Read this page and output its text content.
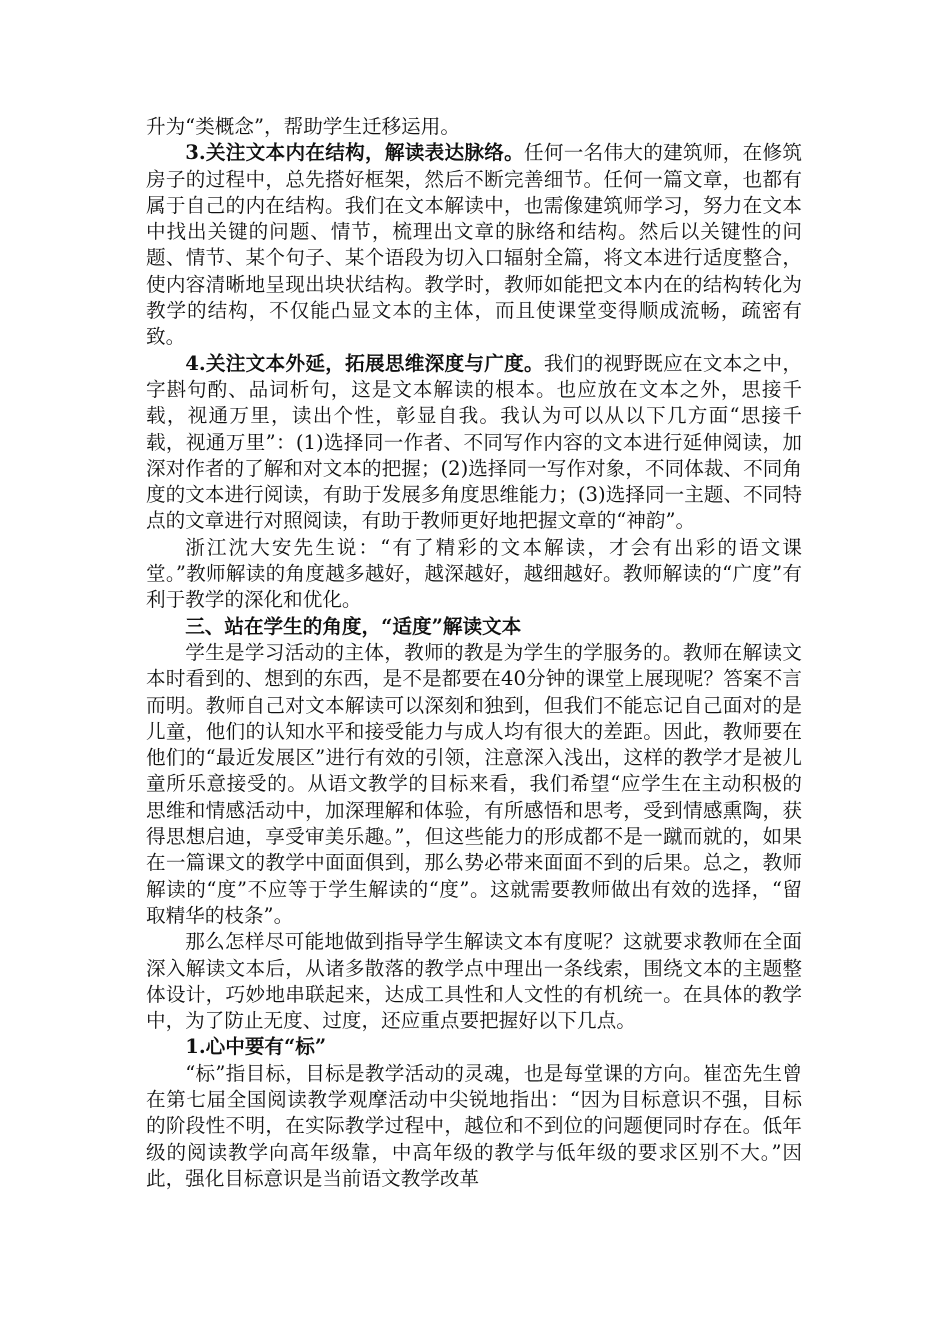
升为“类概念”，帮助学生迁移运用。

3.关注文本内在结构，解读表达脉络。任何一名伟大的建筑师，在修筑房子的过程中，总先搭好框架，然后不断完善细节。任何一篇文章，也都有属于自己的内在结构。我们在文本解读中，也需像建筑师学习，努力在文本中找出关键的问题、情节，梳理出文章的脉络和结构。然后以关键性的问题、情节、某个句子、某个语段为切入口辐射全篇，将文本进行适度整合，使内容清晰地呈现出块状结构。教学时，教师如能把文本内在的结构转化为教学的结构，不仅能凸显文本的主体，而且使课堂变得顺成流畅，疏密有致。

4.关注文本外延，拓展思维深度与广度。我们的视野既应在文本之中，字斟句酌、品词析句，这是文本解读的根本。也应放在文本之外，思接千载，视通万里，读出个性，彰显自我。我认为可以从以下几方面“思接千载，视通万里”：(1)选择同一作者、不同写作内容的文本进行延伸阅读，加深对作者的了解和对文本的把握；(2)选择同一写作对象，不同体裁、不同角度的文本进行阅读，有助于发展多角度思维能力；(3)选择同一主题、不同特点的文章进行对照阅读，有助于教师更好地把握文章的“神韵”。

浙江沈大安先生说：“有了精彩的文本解读，才会有出彩的语文课堂。”教师解读的角度越多越好，越深越好，越细越好。教师解读的“广度”有利于教学的深化和优化。

三、站在学生的角度，“适度”解读文本

学生是学习活动的主体，教师的教是为学生的学服务的。教师在解读文本时看到的、想到的东西，是不是都要在40分钟的课堂上展现呢？答案不言而明。教师自己对文本解读可以深刻和独到，但我们不能忘记自己面对的是儿童，他们的认知水平和接受能力与成人均有很大的差距。因此，教师要在他们的“最近发展区”进行有效的引领，注意深入浅出，这样的教学才是被儿童所乐意接受的。从语文教学的目标来看，我们希望“应学生在主动积极的思维和情感活动中，加深理解和体验，有所感悟和思考，受到情感熏陶，获得思想启迪，享受审美乐趣。”，但这些能力的形成都不是一蹴而就的，如果在一篇课文的教学中面面俱到，那么势必带来面面不到的后果。总之，教师解读的“度”不应等于学生解读的“度”。这就需要教师做出有效的选择，“留取精华的枝条”。

那么怎样尽可能地做到指导学生解读文本有度呢？这就要求教师在全面深入解读文本后，从诸多散落的教学点中理出一条线索，围绕文本的主题整体设计，巧妙地串联起来，达成工具性和人文性的有机统一。在具体的教学中，为了防止无度、过度，还应重点要把握好以下几点。

1.心中要有“标”

“标”指目标，目标是教学活动的灵魂，也是每堂课的方向。崔峦先生曾在第七届全国阅读教学观摩活动中尖锐地指出：“因为目标意识不强，目标的阶段性不明，在实际教学过程中，越位和不到位的问题便同时存在。低年级的阅读教学向高年级靠，中高年级的教学与低年级的要求区别不大。”因此，强化目标意识是当前语文教学改革
